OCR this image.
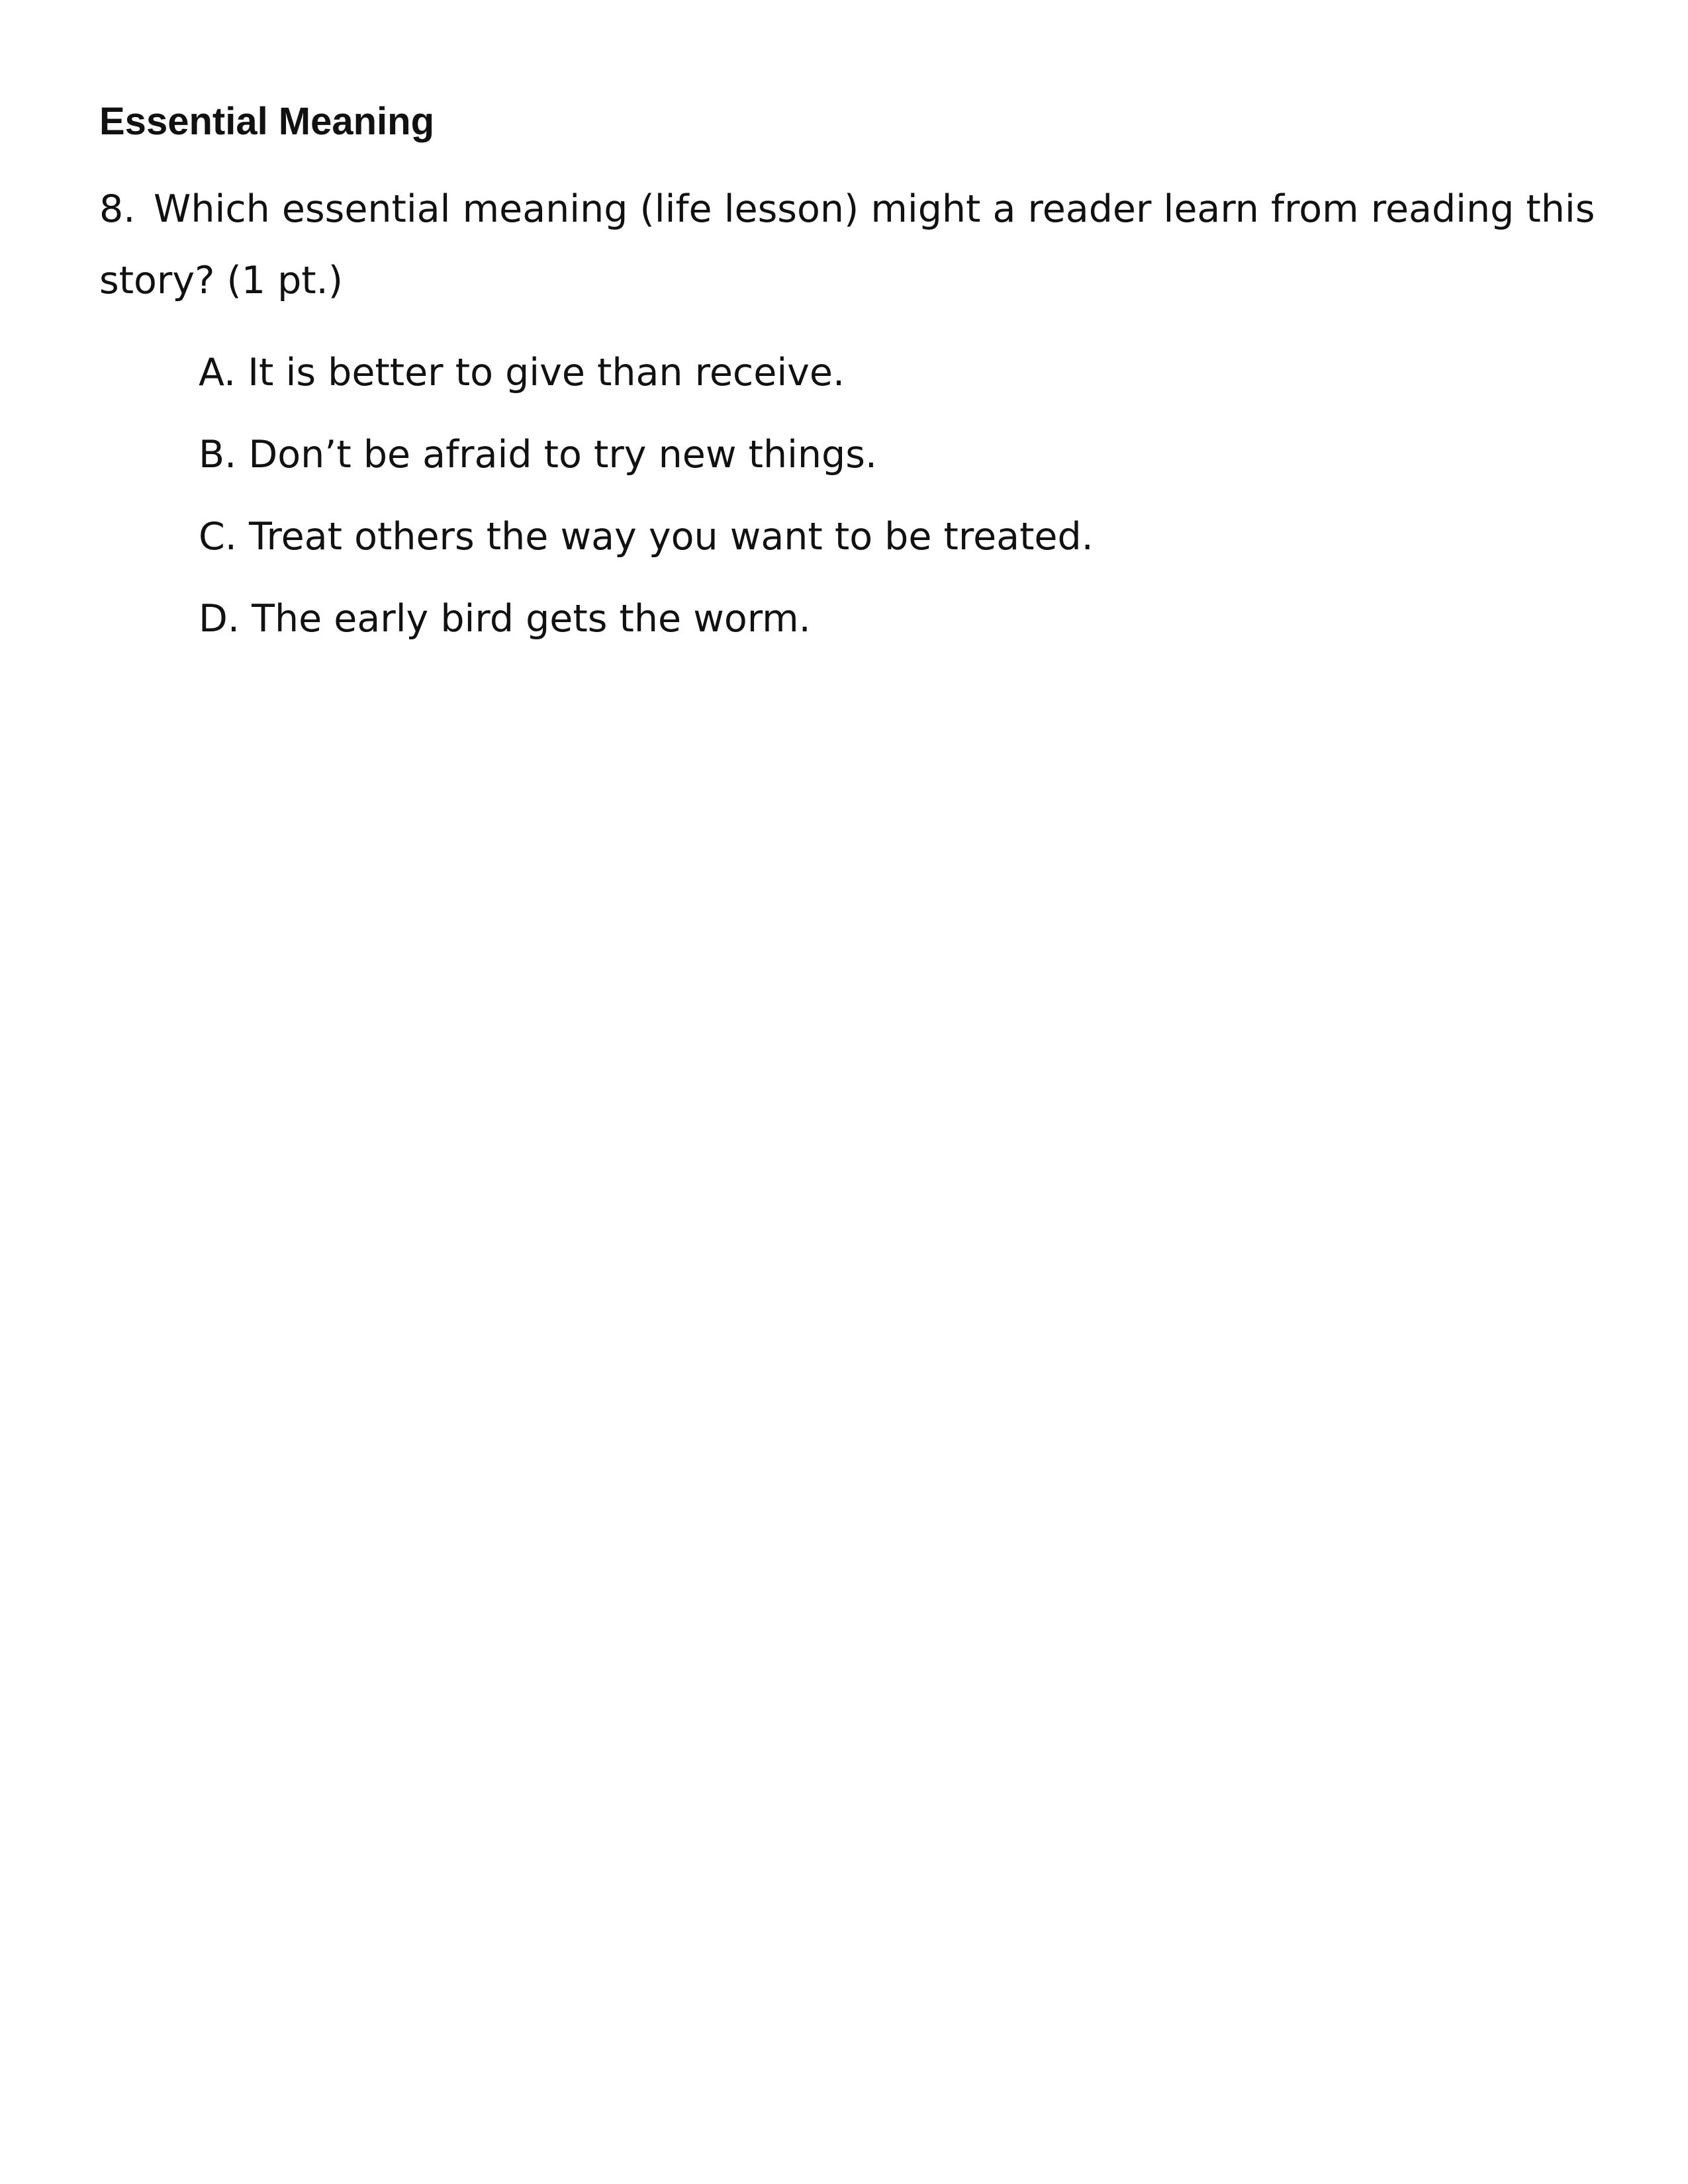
Essential Meaning
8. Which essential meaning (life lesson) might a reader learn from reading this story? (1 pt.)
A. It is better to give than receive.
B. Don’t be afraid to try new things.
C. Treat others the way you want to be treated.
D. The early bird gets the worm.
